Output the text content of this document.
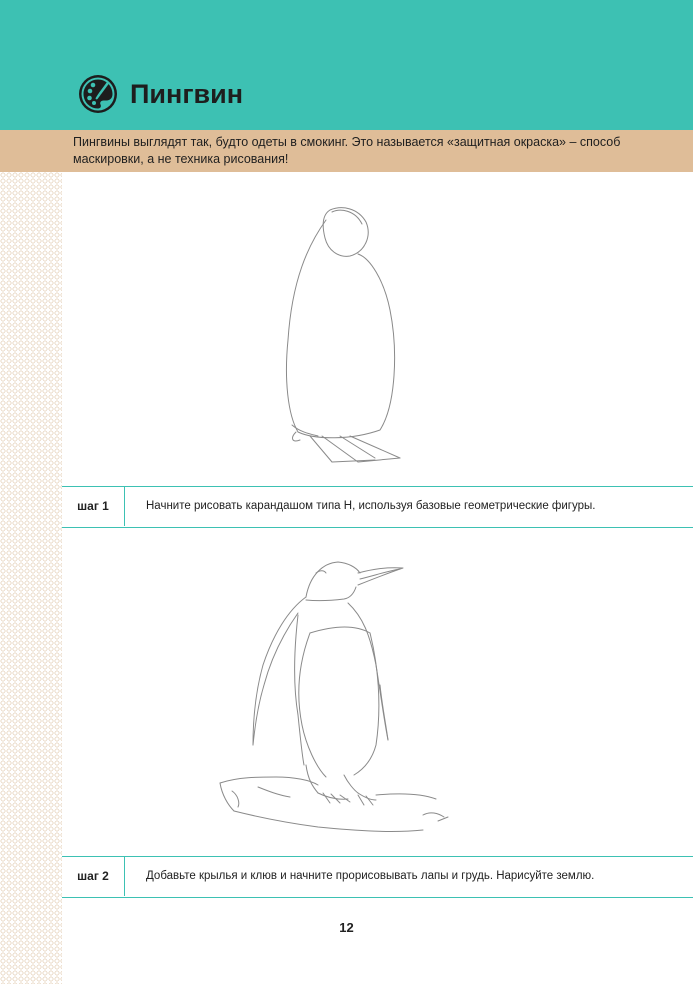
Пингвин

Пингвины выглядят так, будто одеты в смокинг. Это называется «защитная окраска» – способ
маскировки, а не техника рисования!

шаг 1	Начните рисовать карандашом типа Н, используя базовые геометрические фигуры.
шаг 2	Добавьте крылья и клюв и начните прорисовывать лапы и грудь. Нарисуйте землю.
12
